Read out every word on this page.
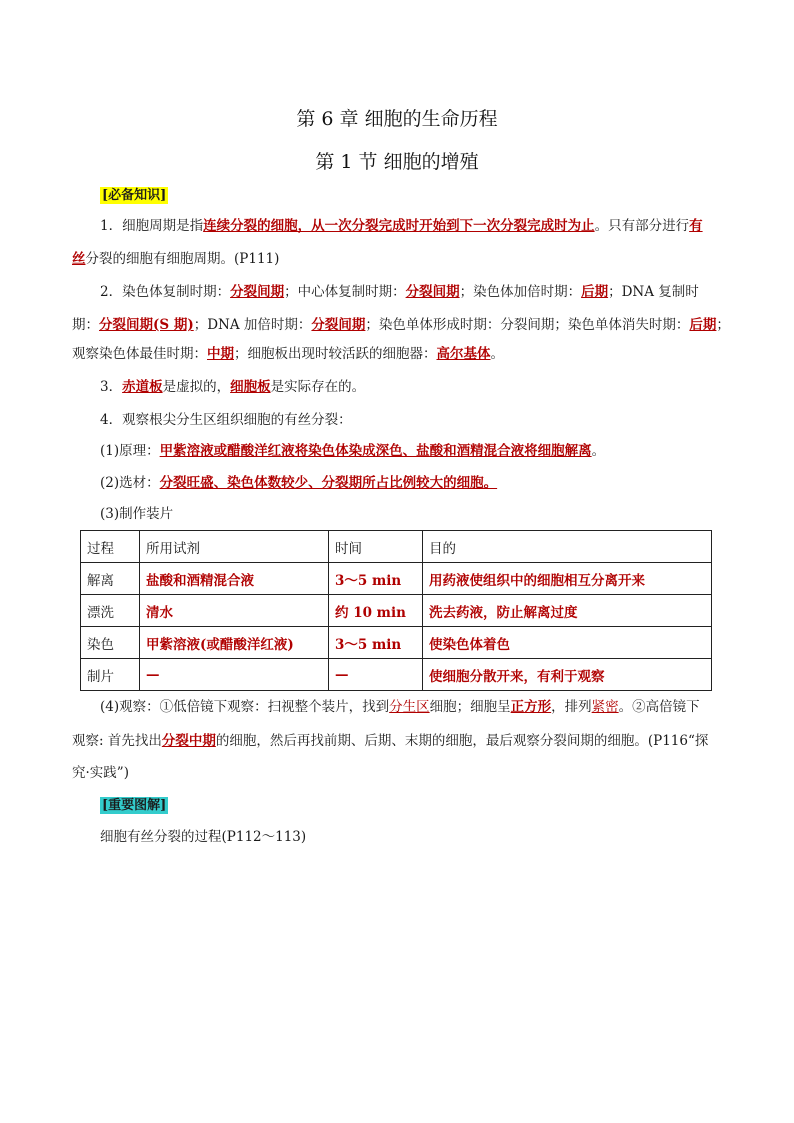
第 6 章 细胞的生命历程
第 1 节 细胞的增殖
[必备知识]
1．细胞周期是指连续分裂的细胞，从一次分裂完成时开始到下一次分裂完成时为止。只有部分进行有
丝分裂的细胞有细胞周期。(P111)
2．染色体复制时期：分裂间期；中心体复制时期：分裂间期；染色体加倍时期：后期；DNA 复制时
期：分裂间期(S 期)；DNA 加倍时期：分裂间期；染色单体形成时期：分裂间期；染色单体消失时期：后期；
观察染色体最佳时期：中期；细胞板出现时较活跃的细胞器：高尔基体。
3．赤道板是虚拟的，细胞板是实际存在的。
4．观察根尖分生区组织细胞的有丝分裂：
(1)原理：甲紫溶液或醋酸洋红液将染色体染成深色、盐酸和酒精混合液将细胞解离。
(2)选材：分裂旺盛、染色体数较少、分裂期所占比例较大的细胞。
(3)制作装片
过程	所用试剂	时间	目的
解离	盐酸和酒精混合液	3～5 min	用药液使组织中的细胞相互分离开来
漂洗	清水	约 10 min	洗去药液，防止解离过度
染色	甲紫溶液(或醋酸洋红液)	3～5 min	使染色体着色
制片	—	—	使细胞分散开来，有利于观察
(4)观察：①低倍镜下观察：扫视整个装片，找到分生区细胞；细胞呈正方形，排列紧密。②高倍镜下
观察: 首先找出分裂中期的细胞，然后再找前期、后期、末期的细胞，最后观察分裂间期的细胞。(P116“探
究·实践”)
[重要图解]
细胞有丝分裂的过程(P112～113)
